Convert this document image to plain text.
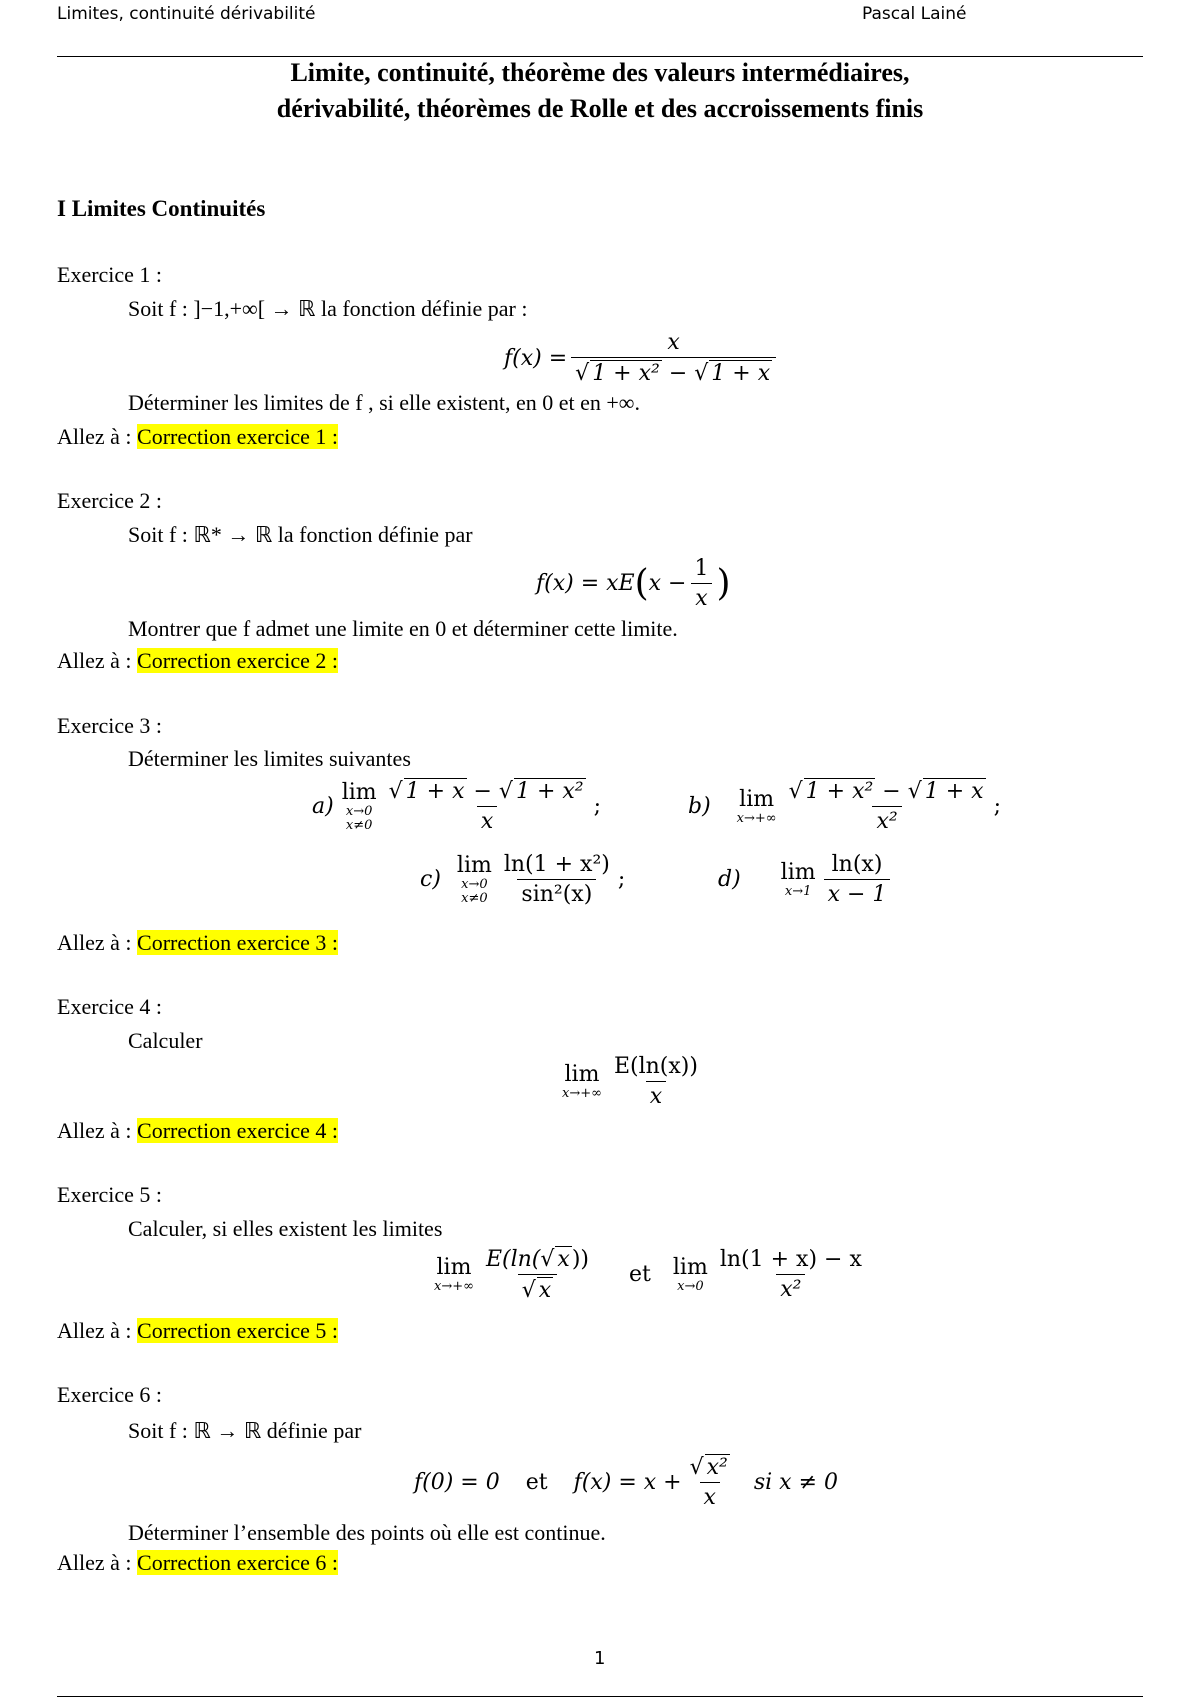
Limites, continuité dérivabilité	Pascal Lainé
Limite, continuité, théorème des valeurs intermédiaires,
dérivabilité, théorèmes de Rolle et des accroissements finis
I Limites Continuités
Exercice 1 :
Soit f : ]−1,+∞[ → ℝ la fonction définie par :
$f(x) = \frac{x}{\text{√ 1 + x² − √ 1 + x}}$
Déterminer les limites de f , si elle existent, en 0 et en +∞.
Allez à : Correction exercice 1 :
Exercice 2 :
Soit f : ℝ* → ℝ la fonction définie par
f(x) = xE ( $x - \frac{1}{x}$ )
Montrer que f admet une limite en 0 et déterminer cette limite.
Allez à : Correction exercice 2 :
Exercice 3 :
Déterminer les limites suivantes
a)
lim
x→0
$x\ne 0 \frac{\text{√ 1 + x − √ 1 + x²}}{x}$ ;	b) lim
$x\to+\infty \frac{\text{√ 1 + x² − √ 1 + x}}{\text{x²}}$ ;
c)
lim
x→0
$x\ne 0 \frac{\text{ln(1 + x²)}}{\text{sin²(x)}}$ ;	d) lim
$x\to 1 \frac{\ln(x)}{x - 1}$
Allez à : Correction exercice 3 :
Exercice 4 :
Calculer
lim
$x\to+\infty \frac{E(\ln(x))}{x}$
Allez à : Correction exercice 4 :
Exercice 5 :
Calculer, si elles existent les limites
lim
$x\to+\infty \frac{E(\ln(√ x))}{√ x}$ et lim
$x\to 0 \frac{\ln(1 + x) - x}{\text{x²}}$
Allez à : Correction exercice 5 :
Exercice 6 :
Soit f : ℝ → ℝ définie par
f(0) = 0 et $f(x) = x + \frac{\text{√ x²}}{x}$ si x ≠ 0
Déterminer l’ensemble des points où elle est continue.
Allez à : Correction exercice 6 :
1
